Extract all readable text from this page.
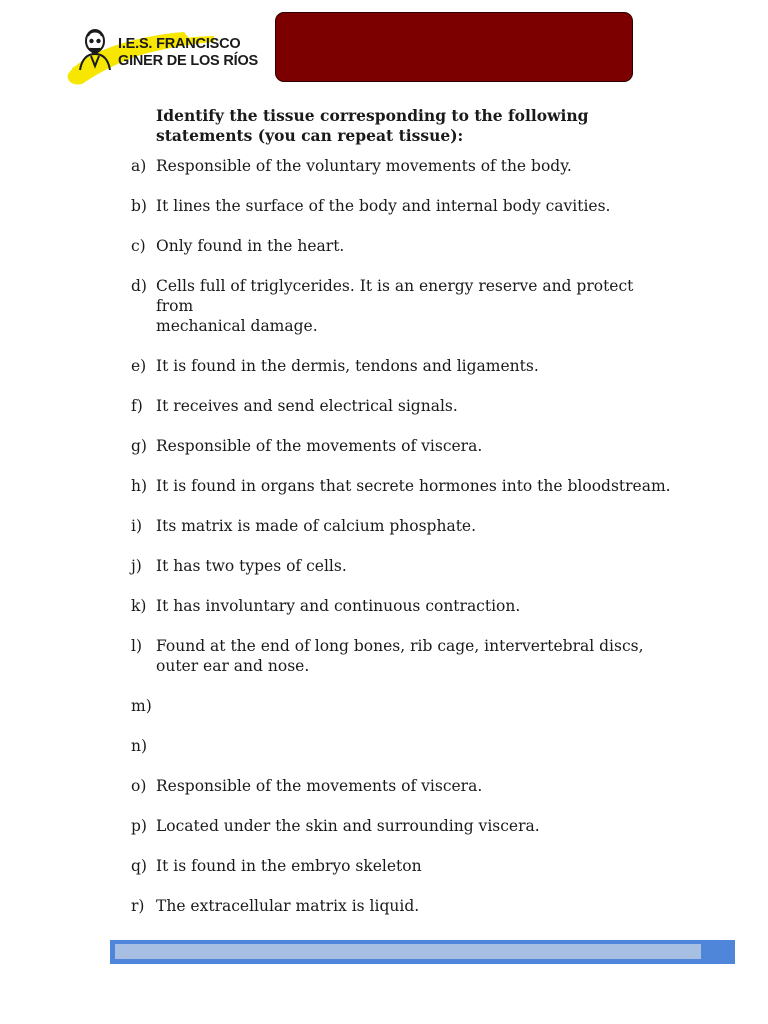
I.E.S. FRANCISCO
GINER DE LOS RÍOS
Identify the tissue corresponding to the following
statements (you can repeat tissue):
a) Responsible of the voluntary movements of the body.
b) It lines the surface of the body and internal body cavities.
c) Only found in the heart.
d) Cells full of triglycerides. It is an energy reserve and protect from
mechanical damage.
e) It is found in the dermis, tendons and ligaments.
f) It receives and send electrical signals.
g) Responsible of the movements of viscera.
h) It is found in organs that secrete hormones into the bloodstream.
i) Its matrix is made of calcium phosphate.
j) It has two types of cells.
k) It has involuntary and continuous contraction.
l) Found at the end of long bones, rib cage, intervertebral discs,
outer ear and nose.
m)
n)
o) Responsible of the movements of viscera.
p) Located under the skin and surrounding viscera.
q) It is found in the embryo skeleton
r) The extracellular matrix is liquid.
